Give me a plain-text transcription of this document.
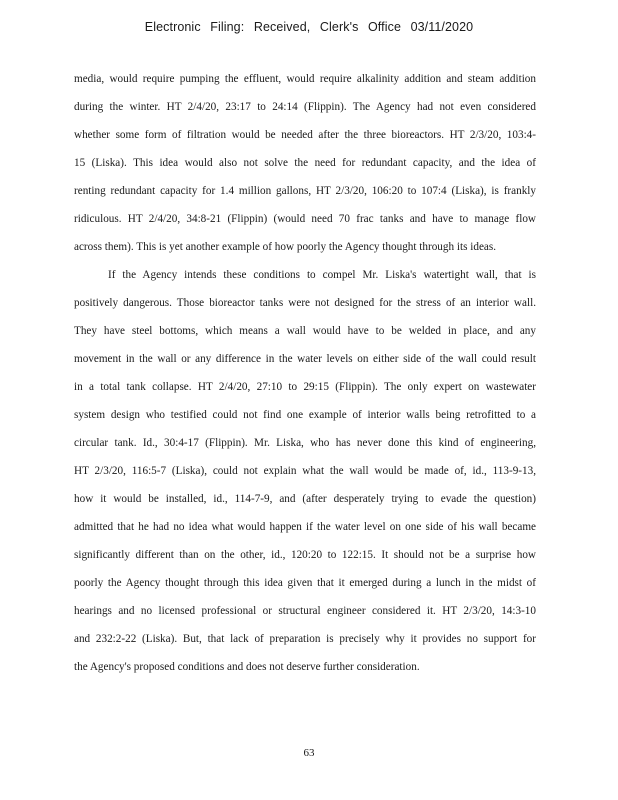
Electronic Filing: Received, Clerk's Office 03/11/2020
media, would require pumping the effluent, would require alkalinity addition and steam addition
during the winter. HT 2/4/20, 23:17 to 24:14 (Flippin). The Agency had not even considered
whether some form of filtration would be needed after the three bioreactors. HT 2/3/20, 103:4-
15 (Liska). This idea would also not solve the need for redundant capacity, and the idea of
renting redundant capacity for 1.4 million gallons, HT 2/3/20, 106:20 to 107:4 (Liska), is frankly
ridiculous. HT 2/4/20, 34:8-21 (Flippin) (would need 70 frac tanks and have to manage flow
across them). This is yet another example of how poorly the Agency thought through its ideas.
If the Agency intends these conditions to compel Mr. Liska's watertight wall, that is
positively dangerous. Those bioreactor tanks were not designed for the stress of an interior wall.
They have steel bottoms, which means a wall would have to be welded in place, and any
movement in the wall or any difference in the water levels on either side of the wall could result
in a total tank collapse. HT 2/4/20, 27:10 to 29:15 (Flippin). The only expert on wastewater
system design who testified could not find one example of interior walls being retrofitted to a
circular tank. Id., 30:4-17 (Flippin). Mr. Liska, who has never done this kind of engineering,
HT 2/3/20, 116:5-7 (Liska), could not explain what the wall would be made of, id., 113-9-13,
how it would be installed, id., 114-7-9, and (after desperately trying to evade the question)
admitted that he had no idea what would happen if the water level on one side of his wall became
significantly different than on the other, id., 120:20 to 122:15. It should not be a surprise how
poorly the Agency thought through this idea given that it emerged during a lunch in the midst of
hearings and no licensed professional or structural engineer considered it. HT 2/3/20, 14:3-10
and 232:2-22 (Liska). But, that lack of preparation is precisely why it provides no support for
the Agency's proposed conditions and does not deserve further consideration.
63
